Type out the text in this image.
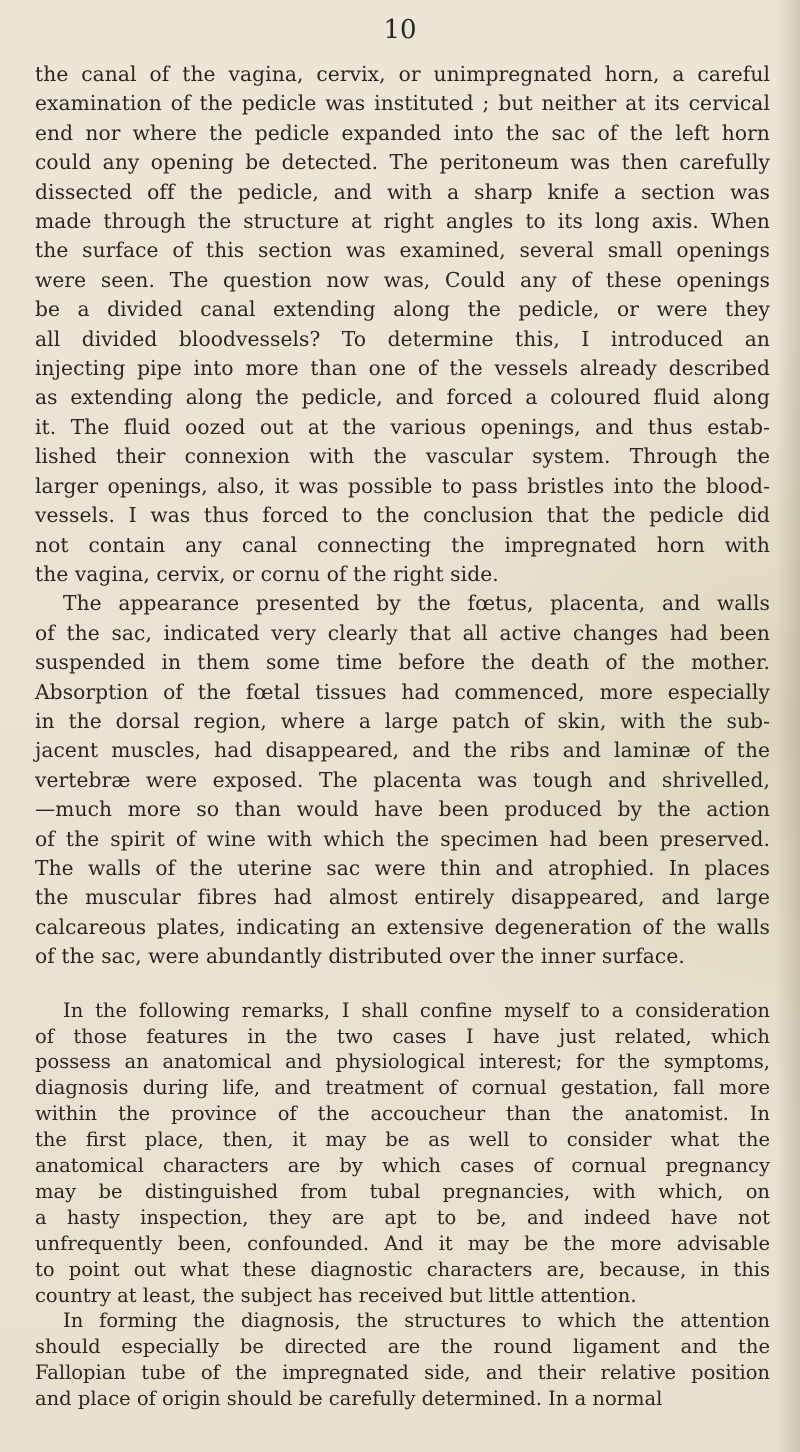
10
the canal of the vagina, cervix, or unimpregnated horn, a careful
examination of the pedicle was instituted ; but neither at its cervical
end nor where the pedicle expanded into the sac of the left horn
could any opening be detected. The peritoneum was then carefully
dissected off the pedicle, and with a sharp knife a section was
made through the structure at right angles to its long axis. When
the surface of this section was examined, several small openings
were seen. The question now was, Could any of these openings
be a divided canal extending along the pedicle, or were they
all divided bloodvessels? To determine this, I introduced an
injecting pipe into more than one of the vessels already described
as extending along the pedicle, and forced a coloured fluid along
it. The fluid oozed out at the various openings, and thus estab-
lished their connexion with the vascular system. Through the
larger openings, also, it was possible to pass bristles into the blood-
vessels. I was thus forced to the conclusion that the pedicle did
not contain any canal connecting the impregnated horn with
the vagina, cervix, or cornu of the right side.
The appearance presented by the fœtus, placenta, and walls
of the sac, indicated very clearly that all active changes had been
suspended in them some time before the death of the mother.
Absorption of the fœtal tissues had commenced, more especially
in the dorsal region, where a large patch of skin, with the sub-
jacent muscles, had disappeared, and the ribs and laminæ of the
vertebræ were exposed. The placenta was tough and shrivelled,
—much more so than would have been produced by the action
of the spirit of wine with which the specimen had been preserved.
The walls of the uterine sac were thin and atrophied. In places
the muscular fibres had almost entirely disappeared, and large
calcareous plates, indicating an extensive degeneration of the walls
of the sac, were abundantly distributed over the inner surface.
In the following remarks, I shall confine myself to a consideration
of those features in the two cases I have just related, which
possess an anatomical and physiological interest; for the symptoms,
diagnosis during life, and treatment of cornual gestation, fall more
within the province of the accoucheur than the anatomist. In
the first place, then, it may be as well to consider what the
anatomical characters are by which cases of cornual pregnancy
may be distinguished from tubal pregnancies, with which, on
a hasty inspection, they are apt to be, and indeed have not
unfrequently been, confounded. And it may be the more advisable
to point out what these diagnostic characters are, because, in this
country at least, the subject has received but little attention.
In forming the diagnosis, the structures to which the attention
should especially be directed are the round ligament and the
Fallopian tube of the impregnated side, and their relative position
and place of origin should be carefully determined. In a normal
